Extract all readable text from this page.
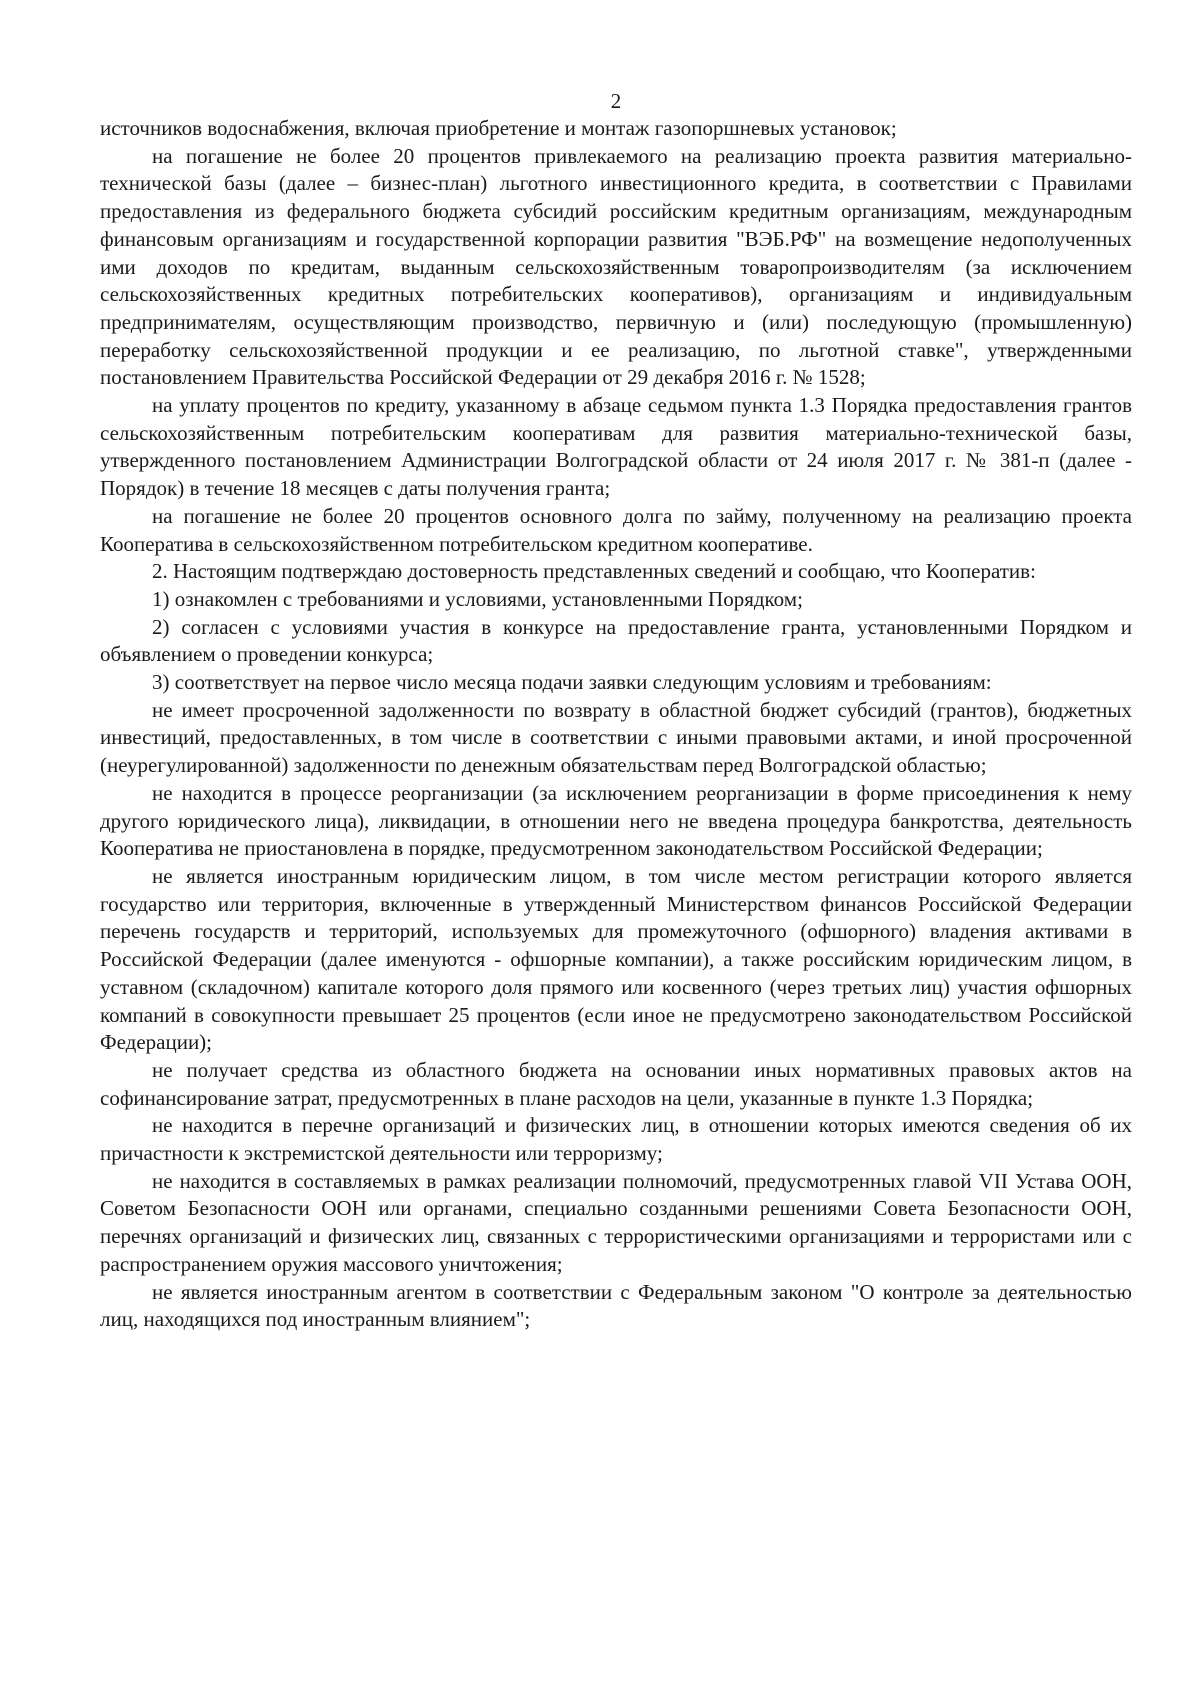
2

источников водоснабжения, включая приобретение и монтаж газопоршневых установок;

на погашение не более 20 процентов привлекаемого на реализацию проекта развития материально-технической базы (далее – бизнес-план) льготного инвестиционного кредита, в соответствии с Правилами предоставления из федерального бюджета субсидий российским кредитным организациям, международным финансовым организациям и государственной корпорации развития "ВЭБ.РФ" на возмещение недополученных ими доходов по кредитам, выданным сельскохозяйственным товаропроизводителям (за исключением сельскохозяйственных кредитных потребительских кооперативов), организациям и индивидуальным предпринимателям, осуществляющим производство, первичную и (или) последующую (промышленную) переработку сельскохозяйственной продукции и ее реализацию, по льготной ставке", утвержденными постановлением Правительства Российской Федерации от 29 декабря 2016 г. № 1528;

на уплату процентов по кредиту, указанному в абзаце седьмом пункта 1.3 Порядка предоставления грантов сельскохозяйственным потребительским кооперативам для развития материально-технической базы, утвержденного постановлением Администрации Волгоградской области от 24 июля 2017 г. № 381-п (далее - Порядок) в течение 18 месяцев с даты получения гранта;

на погашение не более 20 процентов основного долга по займу, полученному на реализацию проекта Кооператива в сельскохозяйственном потребительском кредитном кооперативе.

2. Настоящим подтверждаю достоверность представленных сведений и сообщаю, что Кооператив:

1) ознакомлен с требованиями и условиями, установленными Порядком;

2) согласен с условиями участия в конкурсе на предоставление гранта, установленными Порядком и объявлением о проведении конкурса;

3) соответствует на первое число месяца подачи заявки следующим условиям и требованиям:

не имеет просроченной задолженности по возврату в областной бюджет субсидий (грантов), бюджетных инвестиций, предоставленных, в том числе в соответствии с иными правовыми актами, и иной просроченной (неурегулированной) задолженности по денежным обязательствам перед Волгоградской областью;

не находится в процессе реорганизации (за исключением реорганизации в форме присоединения к нему другого юридического лица), ликвидации, в отношении него не введена процедура банкротства, деятельность Кооператива не приостановлена в порядке, предусмотренном законодательством Российской Федерации;

не является иностранным юридическим лицом, в том числе местом регистрации которого является государство или территория, включенные в утвержденный Министерством финансов Российской Федерации перечень государств и территорий, используемых для промежуточного (офшорного) владения активами в Российской Федерации (далее именуются - офшорные компании), а также российским юридическим лицом, в уставном (складочном) капитале которого доля прямого или косвенного (через третьих лиц) участия офшорных компаний в совокупности превышает 25 процентов (если иное не предусмотрено законодательством Российской Федерации);

не получает средства из областного бюджета на основании иных нормативных правовых актов на софинансирование затрат, предусмотренных в плане расходов на цели, указанные в пункте 1.3 Порядка;

не находится в перечне организаций и физических лиц, в отношении которых имеются сведения об их причастности к экстремистской деятельности или терроризму;

не находится в составляемых в рамках реализации полномочий, предусмотренных главой VII Устава ООН, Советом Безопасности ООН или органами, специально созданными решениями Совета Безопасности ООН, перечнях организаций и физических лиц, связанных с террористическими организациями и террористами или с распространением оружия массового уничтожения;

не является иностранным агентом в соответствии с Федеральным законом "О контроле за деятельностью лиц, находящихся под иностранным влиянием";
